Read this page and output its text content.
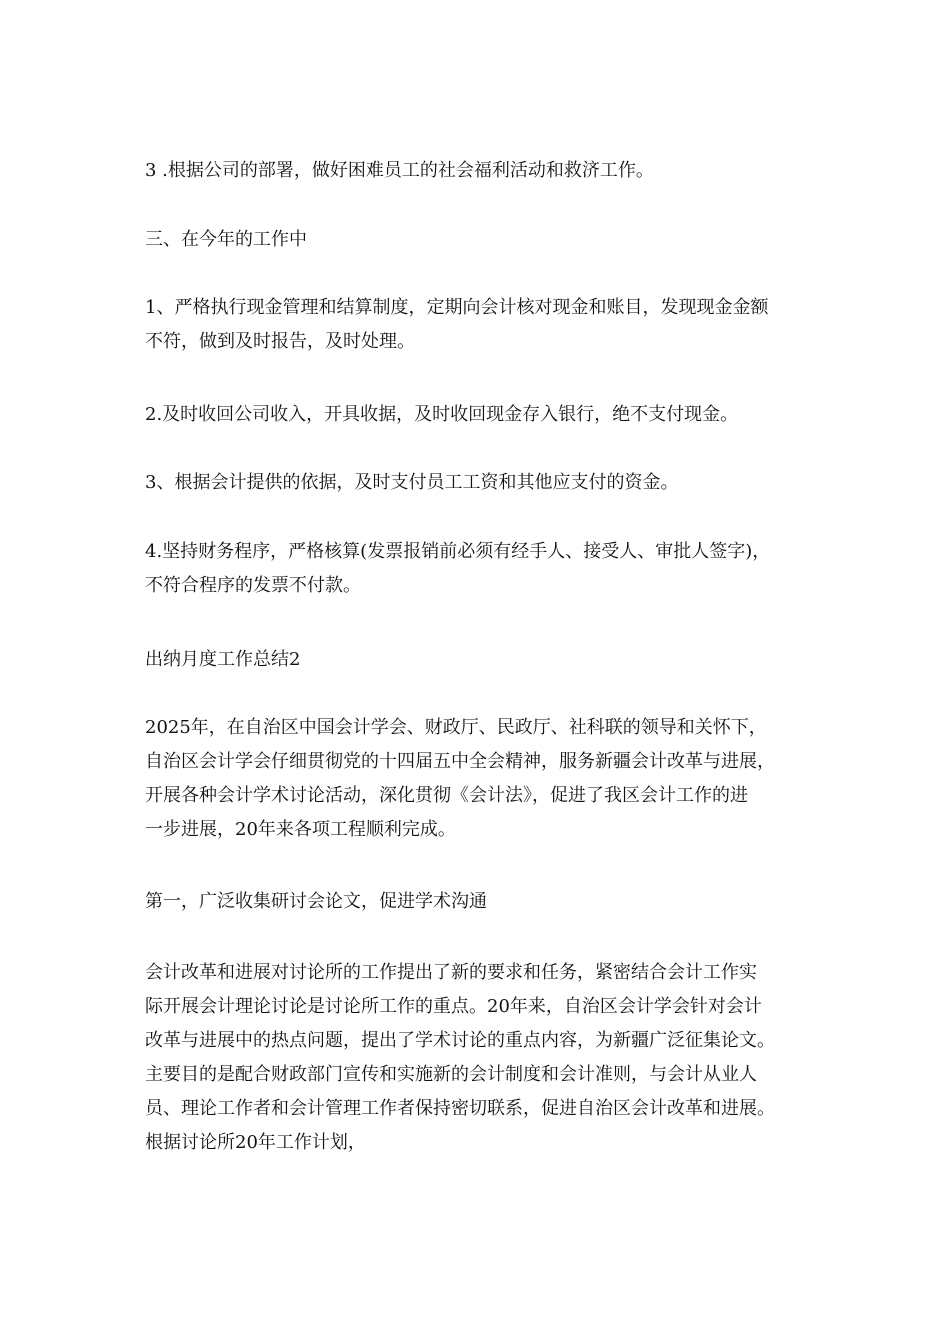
3 .根据公司的部署，做好困难员工的社会福利活动和救济工作。
三、在今年的工作中
1、严格执行现金管理和结算制度，定期向会计核对现金和账目，发现现金金额
不符，做到及时报告，及时处理。
2.及时收回公司收入，开具收据，及时收回现金存入银行，绝不支付现金。
3、根据会计提供的依据，及时支付员工工资和其他应支付的资金。
4.坚持财务程序，严格核算(发票报销前必须有经手人、接受人、审批人签字)，
不符合程序的发票不付款。
出纳月度工作总结2
2025年，在自治区中国会计学会、财政厅、民政厅、社科联的领导和关怀下，
自治区会计学会仔细贯彻党的十四届五中全会精神，服务新疆会计改革与进展，
开展各种会计学术讨论活动，深化贯彻《会计法》，促进了我区会计工作的进
一步进展，20年来各项工程顺利完成。
第一，广泛收集研讨会论文，促进学术沟通
会计改革和进展对讨论所的工作提出了新的要求和任务，紧密结合会计工作实
际开展会计理论讨论是讨论所工作的重点。20年来，自治区会计学会针对会计
改革与进展中的热点问题，提出了学术讨论的重点内容，为新疆广泛征集论文。
主要目的是配合财政部门宣传和实施新的会计制度和会计准则，与会计从业人
员、理论工作者和会计管理工作者保持密切联系，促进自治区会计改革和进展。
根据讨论所20年工作计划，
